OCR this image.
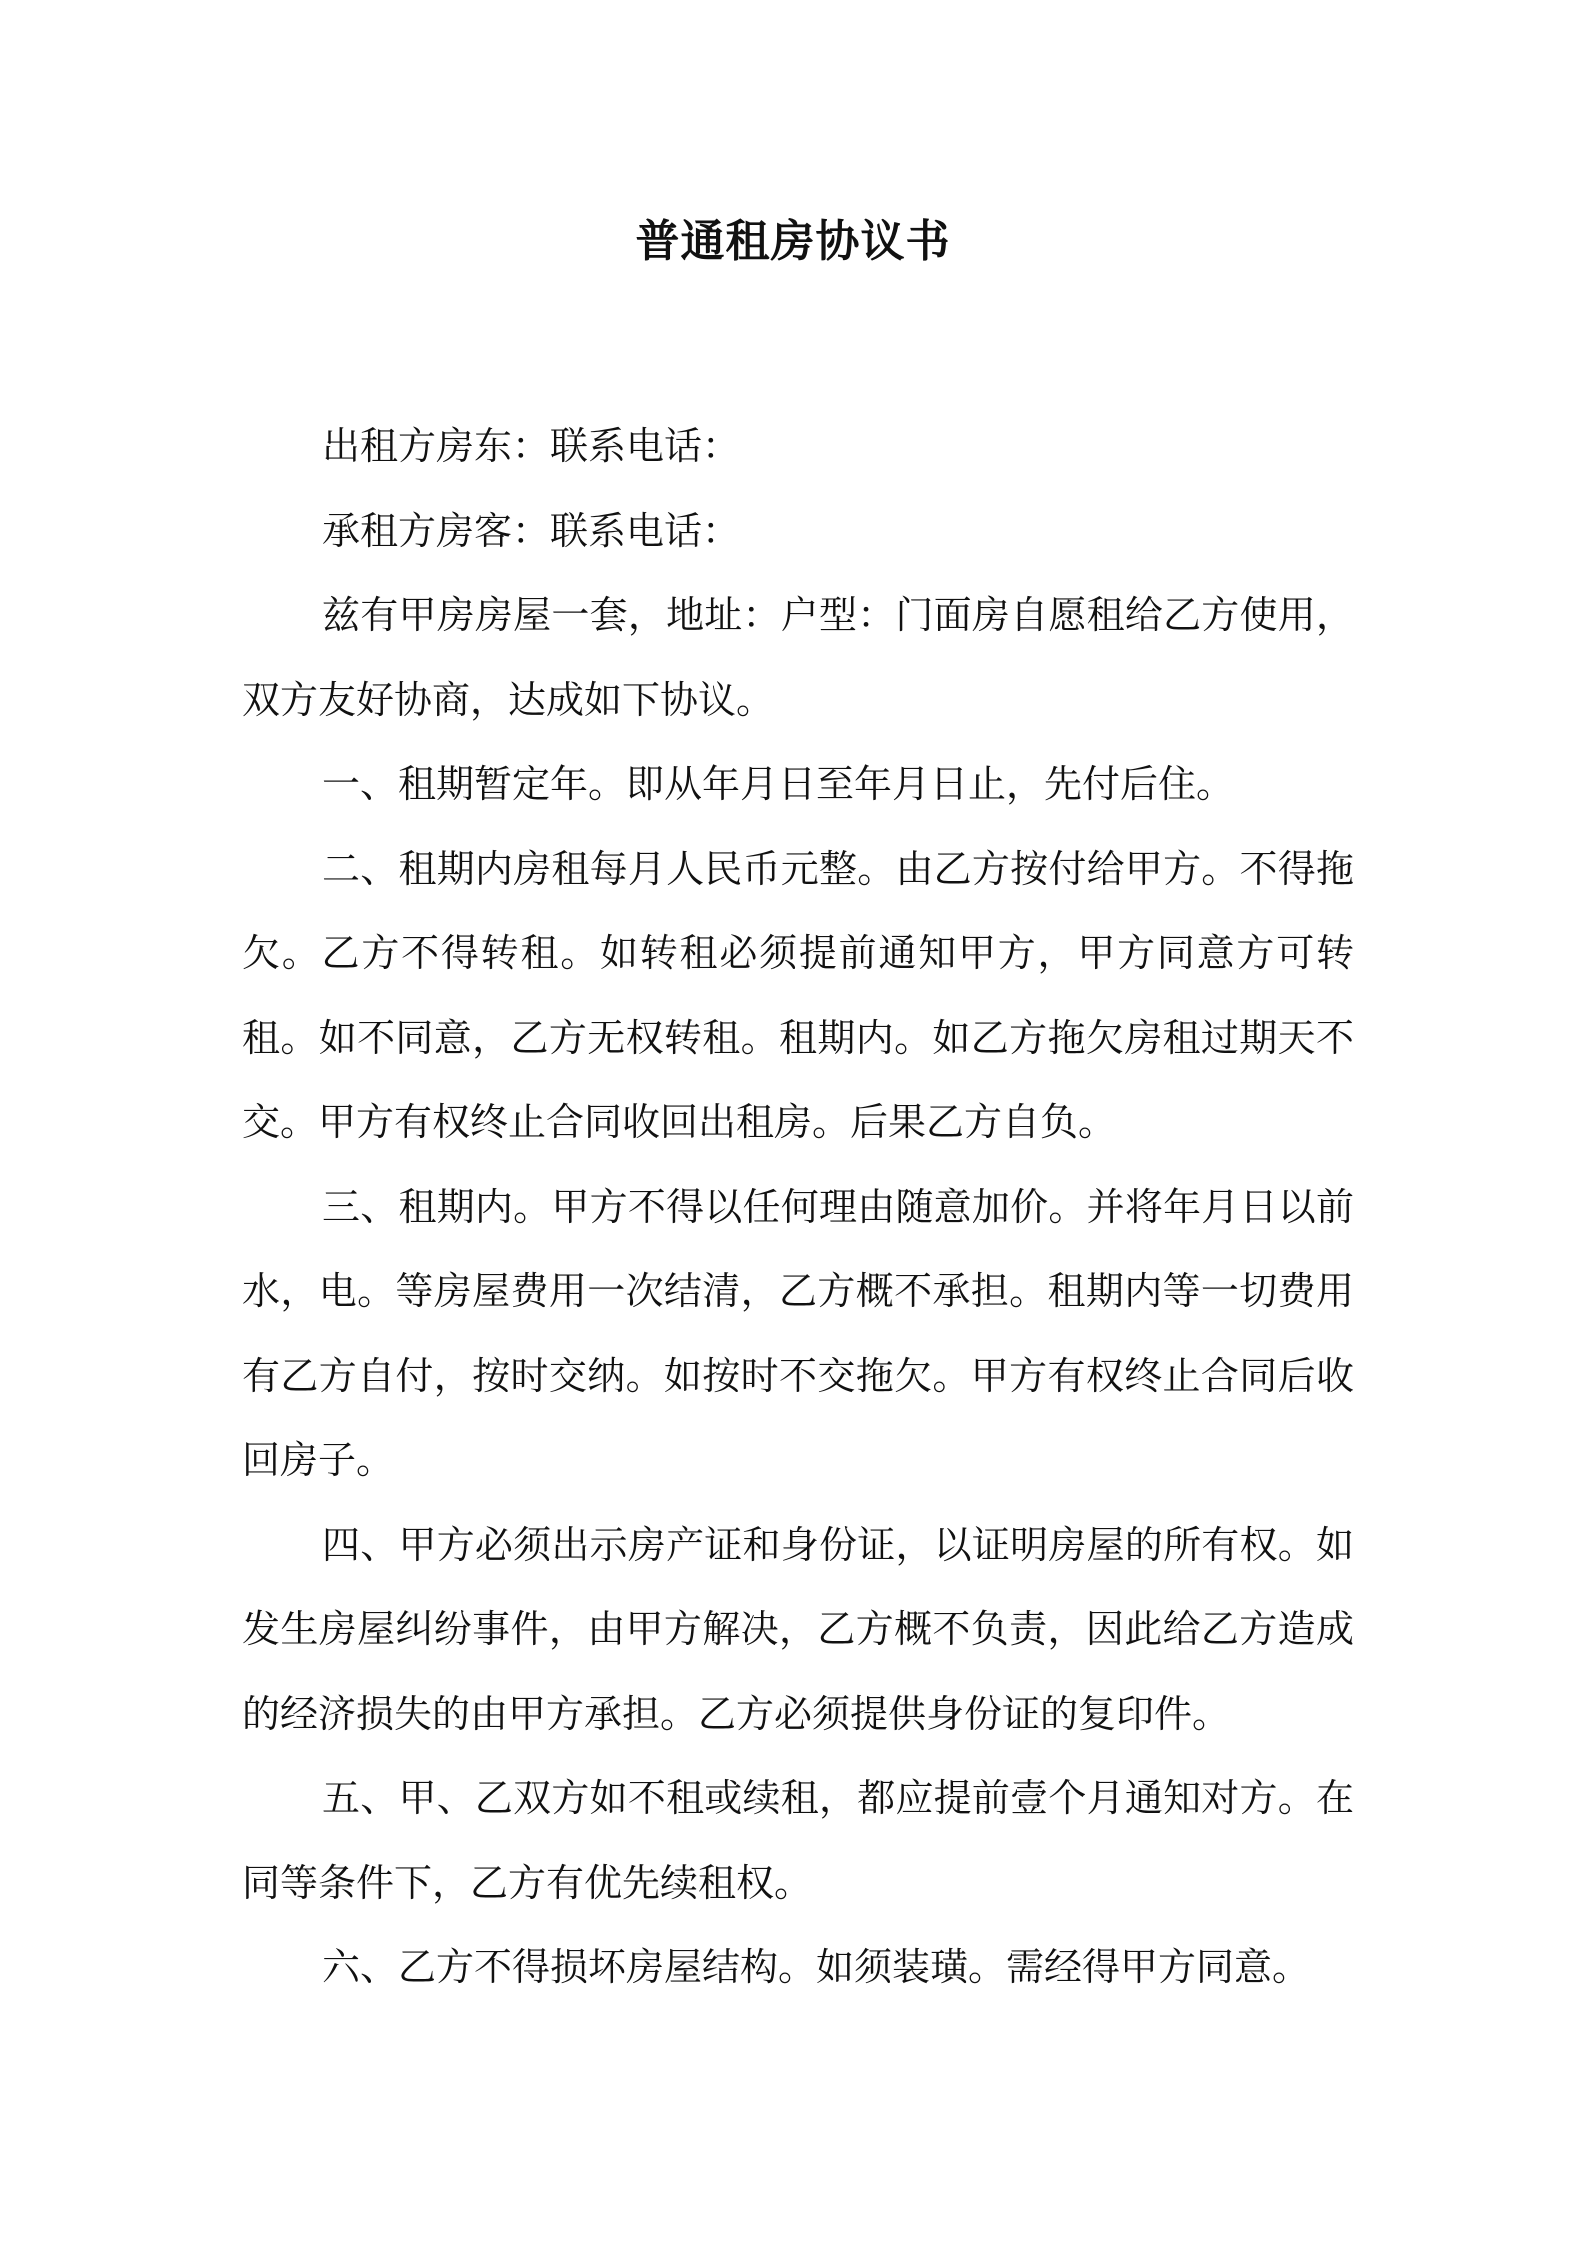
普通租房协议书

出租方房东：联系电话：

承租方房客：联系电话：

兹有甲房房屋一套，地址：户型：门面房自愿租给乙方使用，双方友好协商，达成如下协议。

一、租期暂定年。即从年月日至年月日止，先付后住。

二、租期内房租每月人民币元整。由乙方按付给甲方。不得拖欠。乙方不得转租。如转租必须提前通知甲方，甲方同意方可转租。如不同意，乙方无权转租。租期内。如乙方拖欠房租过期天不交。甲方有权终止合同收回出租房。后果乙方自负。

三、租期内。甲方不得以任何理由随意加价。并将年月日以前水，电。等房屋费用一次结清，乙方概不承担。租期内等一切费用有乙方自付，按时交纳。如按时不交拖欠。甲方有权终止合同后收回房子。

四、甲方必须出示房产证和身份证，以证明房屋的所有权。如发生房屋纠纷事件，由甲方解决，乙方概不负责，因此给乙方造成的经济损失的由甲方承担。乙方必须提供身份证的复印件。

五、甲、乙双方如不租或续租，都应提前壹个月通知对方。在同等条件下，乙方有优先续租权。

六、乙方不得损坏房屋结构。如须装璜。需经得甲方同意。
